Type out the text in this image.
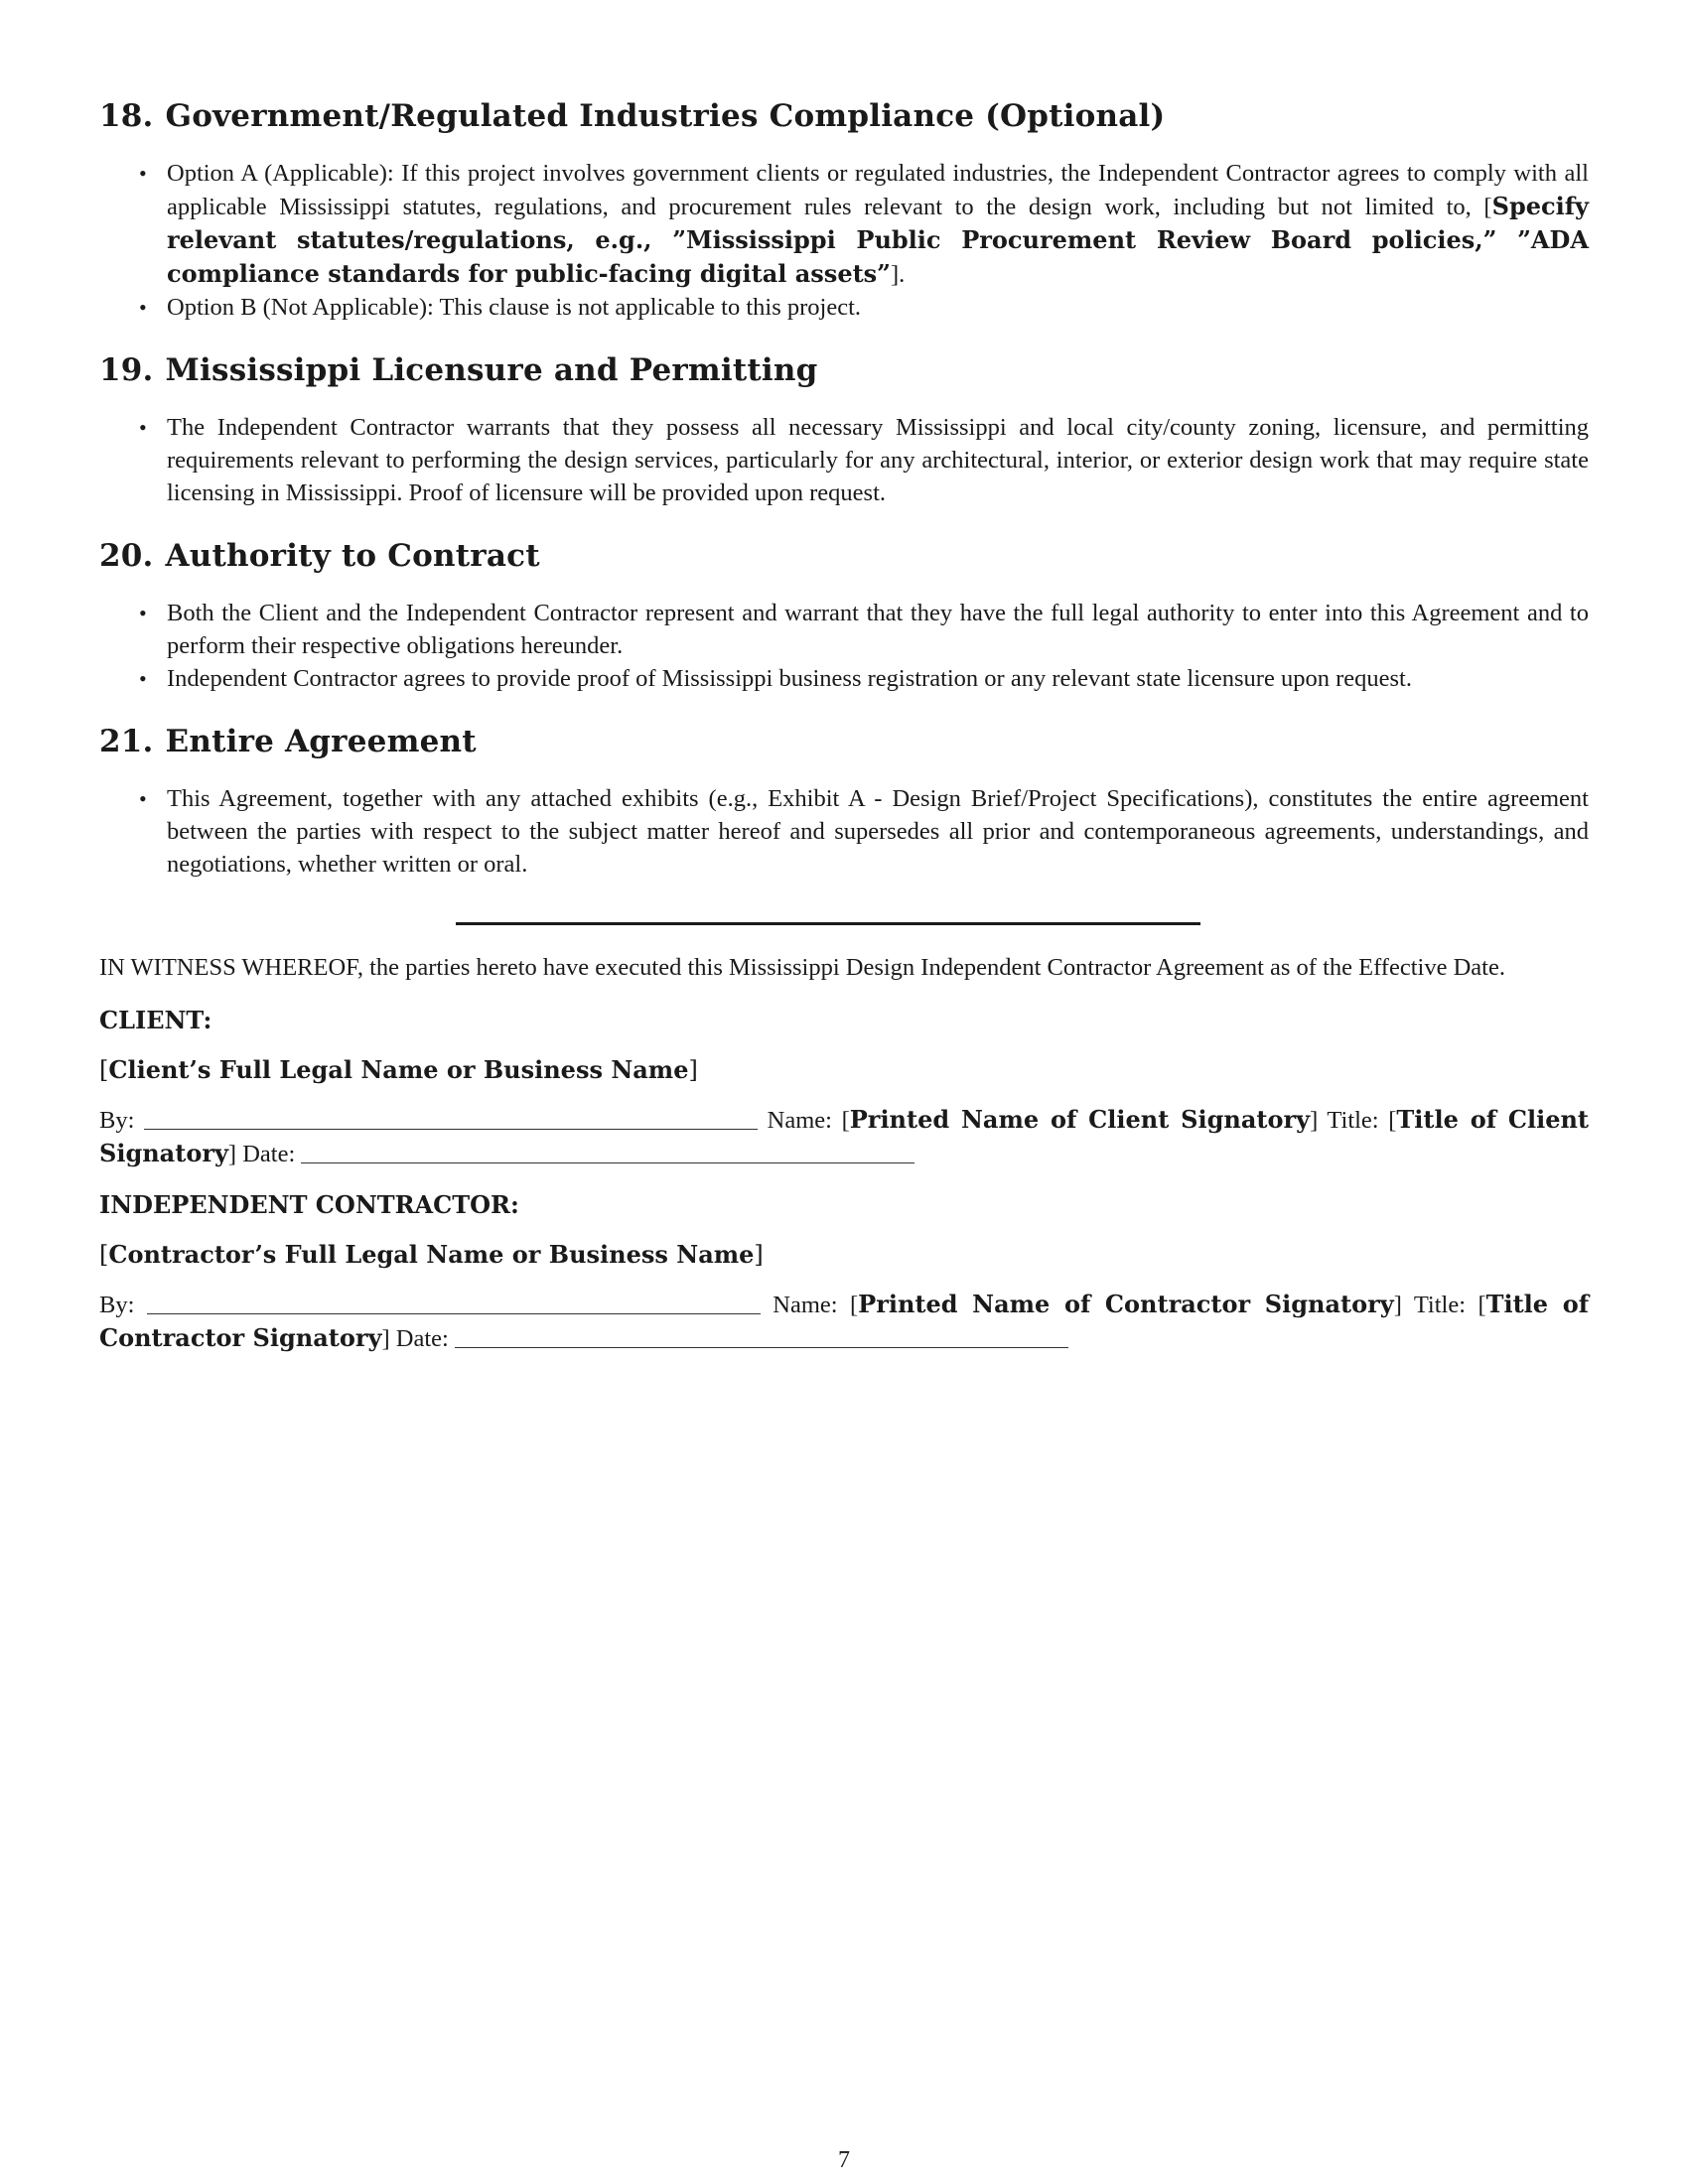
18. Government/Regulated Industries Compliance (Optional)
• Option A (Applicable): If this project involves government clients or regulated industries, the Independent Contractor agrees to comply with all applicable Mississippi statutes, regulations, and procurement rules relevant to the design work, including but not limited to, [Specify relevant statutes/regulations, e.g., ”Mississippi Public Procurement Review Board policies,” ”ADA compliance standards for public-facing digital assets”].
• Option B (Not Applicable): This clause is not applicable to this project.
19. Mississippi Licensure and Permitting
• The Independent Contractor warrants that they possess all necessary Mississippi and local city/county zoning, licensure, and permitting requirements relevant to performing the design services, particularly for any architectural, interior, or exterior design work that may require state licensing in Mississippi. Proof of licensure will be provided upon request.
20. Authority to Contract
• Both the Client and the Independent Contractor represent and warrant that they have the full legal authority to enter into this Agreement and to perform their respective obligations hereunder.
• Independent Contractor agrees to provide proof of Mississippi business registration or any relevant state licensure upon request.
21. Entire Agreement
• This Agreement, together with any attached exhibits (e.g., Exhibit A - Design Brief/Project Specifications), constitutes the entire agreement between the parties with respect to the subject matter hereof and supersedes all prior and contemporaneous agreements, understandings, and negotiations, whether written or oral.

IN WITNESS WHEREOF, the parties hereto have executed this Mississippi Design Independent Contractor Agreement as of the Effective Date.

CLIENT:
[Client’s Full Legal Name or Business Name]
By:	Name: [Printed Name of Client Signatory] Title: [Title of Client Signatory] Date:
INDEPENDENT CONTRACTOR:
[Contractor’s Full Legal Name or Business Name]
By:	Name: [Printed Name of Contractor Signatory] Title: [Title of Contractor Signatory] Date:
7
